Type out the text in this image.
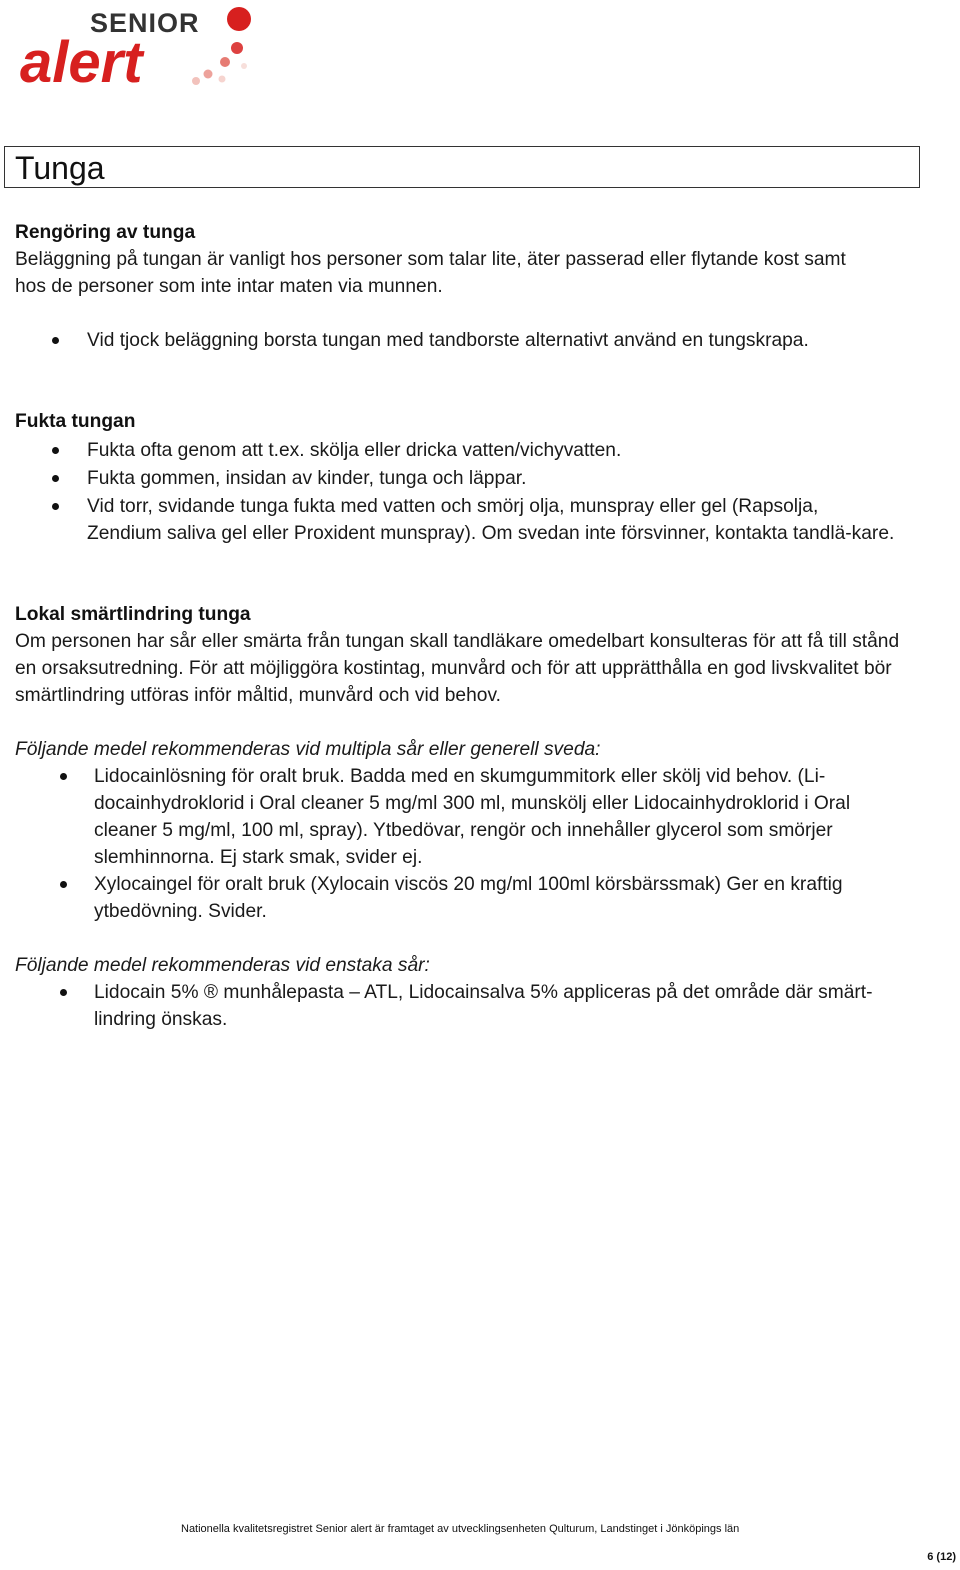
SENIOR
alert
Tunga

Rengöring av tunga

Beläggning på tungan är vanligt hos personer som talar lite, äter passerad eller flytande kost samt

hos de personer som inte intar maten via munnen.

Vid tjock beläggning borsta tungan med tandborste alternativt använd en tungskrapa.

Fukta tungan

Fukta ofta genom att t.ex. skölja eller dricka vatten/vichyvatten.
Fukta gommen, insidan av kinder, tunga och läppar.
Vid torr, svidande tunga fukta med vatten och smörj olja, munspray eller gel (Rapsolja, Zendium saliva gel eller Proxident munspray). Om svedan inte försvinner, kontakta tandlä-kare.

Lokal smärtlindring tunga

Om personen har sår eller smärta från tungan skall tandläkare omedelbart konsulteras för att få till stånd en orsaksutredning. För att möjliggöra kostintag, munvård och för att upprätthålla en god livskvalitet bör smärtlindring utföras inför måltid, munvård och vid behov.

Följande medel rekommenderas vid multipla sår eller generell sveda:

Lidocainlösning för oralt bruk. Badda med en skumgummitork eller skölj vid behov. (Li-docainhydroklorid i Oral cleaner 5 mg/ml 300 ml, munskölj eller Lidocainhydroklorid i Oral cleaner 5 mg/ml, 100 ml, spray). Ytbedövar, rengör och innehåller glycerol som smörjer slemhinnorna. Ej stark smak, svider ej.
Xylocaingel för oralt bruk (Xylocain viscös 20 mg/ml 100ml körsbärssmak) Ger en kraftig ytbedövning. Svider.

Följande medel rekommenderas vid enstaka sår:

Lidocain 5% ® munhålepasta – ATL, Lidocainsalva 5% appliceras på det område där smärt-lindring önskas.
Nationella kvalitetsregistret Senior alert är framtaget av utvecklingsenheten Qulturum, Landstinget i Jönköpings län
6 (12)
